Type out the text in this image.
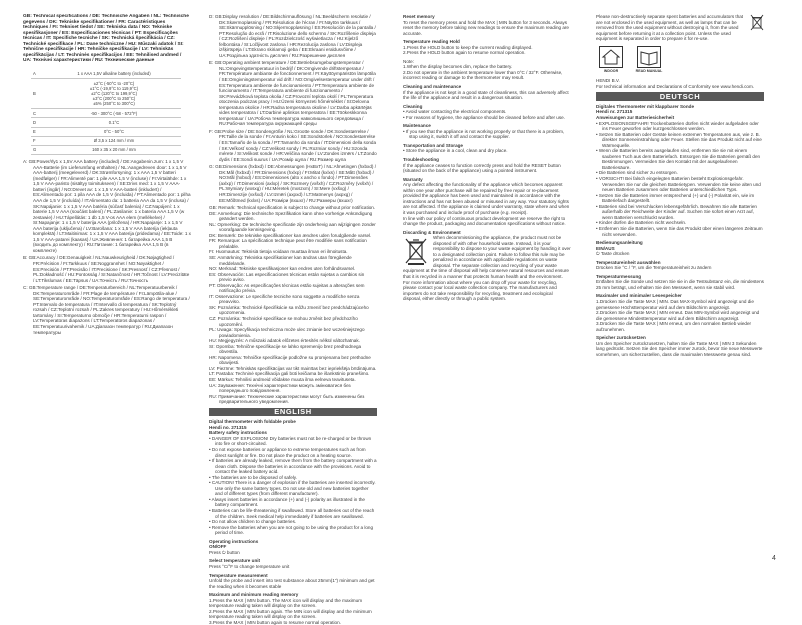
GB: Technical specifications / DE: Technische Angaben / NL: Technische gegevens / DK: Tekniske specifikationer / FR: Caractéristiques techniques / FI: Tekniset tiedot / SE: Tekniska data / NO: Tekniske spesifikasjoner / ES: Especificaciones técnicas / PT: Especificações técnicas / IT: Specifiche tecniche / SK: Technická špecifikácia / CZ: Technické specifikace / PL: Dane techniczne / HU: Műszaki adatok / SI: Tehnične specifikacije / HR: Tehničke specifikacije / LV: Tehniskās specifikācijas / LT: Techninės specifikacijos / EE: Tehnilised andmed / UA: Технічні характеристики / RU: Технические данные

A	1 x AAA 1,5V alkaline battery (included)
B	±2°C (-50°C to -20°C)
±1°C (-19,9°C to 119,9°C)
±2°C (120°C to 199,9°C)
±3°C (200°C to 250°C)
±5% (250°C to 300°C)
C	-50 - 300°C (-58 - 572°F)
D	0.1°C
E	0°C - 50°C
F	Ø 3,5 x 124 mm / mm
G	160 x 35 x 20 mm / mm

A: GB:Power/rly1 x 1,5V AAA battery (included) / DE:Angabenin.zum: 1 x 1,5 V AAA-Batterie (im Lieferumfang enthalten) / NL:Aangedreven door: 1 x 1,5 V AAA-batterij (meegeleverd) / DK:Strømforsyning: 1 x AAA 1,5 V batteri (medfølger) / FR:Alimenté par: 1 pile AAA 1,5 V (incluse) / FI:Virtalähde: 1 x 1,5 V AAA-paristo (sisältyy toimitukseen) / SE:Drivs med: 1 x 1,5 V AAA-batteri (ingår) / NO:Drevet av: 1 x 1,5 V AAA-batteri (inkludert) / ES:Alimentado por: 1 pila AAA de 1,5 V (incluida) / PT:Alimentado por: 1 pilha AAA de 1,5 V (incluída) / IT:Alimentato da: 1 batteria AAA da 1,5 V (inclusa) / SK:Napájanie: 1 x 1,5 V AAA batéria (súčasť balenia) / CZ:Napájení: 1 x baterie 1,5 V AAA (součást balení) / PL:Zasilanie: 1 x bateria AAA 1,5 V (w zestawie) / HU:Tápellátás: 1 db 1,5 V-os AAA elem (mellékelve) / SI:Napajanje: 1 x 1,5 V baterija AAA (priložena) / HR:Napajanje: 1 x 1,5 V AAA baterija (uključena) / LV:Barošana: 1 x 1,5 V AAA baterija (iekļauta komplektā) / LT:Maitinimas: 1 x 1,5 V AAA baterija (pridedama) / EE:Toide: 1 x 1,5 V AAA-patarei (kaasas) / UA:Живлення: 1 батарейка AAA 1,5 В (входить до комплекту) / RU:Питание: 1 батарейка AAA 1,5 В (в комплекте)

B: GB:Accuracy / DE:Genauigkeit / NL:Nauwkeurigheid / DK:Nøjagtighed / FR:Précision / FI:Tarkkuus / SE:Noggrannhet / NO:Nøyaktighet / ES:Precisión / PT:Precisão / IT:Precisione / SK:Presnosť / CZ:Přesnost / PL:Dokładność / HU:Pontosság / SI:Natančnost / HR:Točnost / LV:Precizitāte / LT:Tikslumas / EE:Täpsus / UA:Точність / RU:Точность

C: GB:Temperature range / DE:Temperaturbereich / NL:Temperatuurbereik / DK:Temperaturområde / FR:Plage de température / FI:Lämpötila-alue / SE:Temperaturområde / NO:Temperaturområde / ES:Rango de temperatura / PT:Intervalo de temperatura / IT:Intervallo di temperatura / SK:Teplotný rozsah / CZ:Teplotní rozsah / PL:Zakres temperatury / HU:Hőmérsékleti tartomány / SI:Temperaturno območje / HR:Temperaturni raspon / LV:Temperatūras diapazons / LT:Temperatūros diapazonas / EE:Temperatuurivahemik / UA:Діапазон температур / RU:Диапазон температуры

D: GB:Display resolution / DE:Bildschirmauflösung / NL:Beeldscherm resolutie / DK:Skærmopløsning / FR:Résolution de l'écran / FI:Näytön tarkkuus / SE:Skärmupplösning / NO:Skjermoppløsning / ES:Resolución de la pantalla / PT:Resolução do ecrã / IT:Risoluzione dello schermo / SK:Rozlíšenie displeja / CZ:Rozlišení displeje / PL:Rozdzielczość wyświetlacza / HU:Kijelző felbontása / SI:Ločljivost zaslona / HR:Rezolucija zaslona / LV:Displeja izšķirtspēja / LT:Ekrano skiriamoji geba / EE:Ekraani eraldusvõime / UA:Роздільна здатність дисплея / RU:Разрешение дисплея

E: GB:Operating ambient temperature / DE:Betriebsumgebungstemperatur / NL:Omgevingstemperatuur in bedrijf / DK:Omgivende driftstemperatur / FR:Température ambiante de fonctionnement / FI:Käyttöympäristön lämpötila / SE:Omgivningstemperatur vid drift / NO:Omgivelsestemperatur under drift / ES:Temperatura ambiente de funcionamiento / PT:Temperatura ambiente de funcionamento / IT:Temperatura ambiente di funzionamento / SK:Prevádzková teplota okolia / CZ:Provozní teplota okolí / PL:Temperatura otoczenia podczas pracy / HU:Üzemi környezeti hőmérséklet / SI:Delovna temperatura okolice / HR:Radna temperatura okoline / LV:Darba apkārtējās vides temperatūra / LT:Darbinė aplinkos temperatūra / EE:Töökeskkonna temperatuur / UA:Робоча температура навколишнього середовища / RU:Рабочая температура окружающей среды

F: GB:Probe size / DE:Sondengröße / NL:Grootte sonde / DK:Sondestørrelse / FR:Taille de la sonde / FI:Anturin koko / SE:Sondstorlek / NO:Sondestørrelse / ES:Tamaño de la sonda / PT:Tamanho da sonda / IT:Dimensioni della sonda / SK:Veľkosť sondy / CZ:Velikost sondy / PL:Rozmiar sondy / HU:Szonda mérete / SI:Velikost sonde / HR:Veličina sonde / LV:Zondes izmērs / LT:Zondo dydis / EE:Sondi suurus / UA:Розмір щупа / RU:Размер щупа

G: GB:Dimensions (hxbxd) / DE:Abmessungen (HxBxT) / NL:Afmetingen (hxbxd) / DK:Mål (hxbxd) / FR:Dimensions (hxlxp) / FI:Mitat (kxlxs) / SE:Mått (hxbxd) / NO:Mål (hxbxd) / ES:Dimensiones (alto x ancho x fondo) / PT:Dimensões (axlxp) / IT:Dimensioni (axlxp) / SK:Rozmery (vxšxh) / CZ:Rozměry (vxšxh) / PL:Wymiary (wxsxg) / HU:Méretek (mxszxm) / SI:Mere (vxšxg) / HR:Dimenzije (vxšxd) / LV:Izmēri (axpxd) / LT:Matmenys (axpxg) / EE:Mõõtmed (kxlxs) / UA:Розміри (вxшxг) / RU:Размеры (вxшxг)

GB: Remark: Technical specification is subject to change without prior notification.

DE: Anmerkung: Die technische Spezifikation kann ohne vorherige Ankündigung geändert werden.

NL: Opmerking: De technische specificatie zijn onderhevig aan wijzigingen zonder voorafgaande kennisgeving.

DK: Bemærk: De tekniske specifikationer kan ændres uden forudgående varsel.

FR: Remarque: La spécification technique peut être modifiée sans notification préalable.

FI: Huomautus: Teknisiä tietoja voidaan muuttaa ilman eri ilmoitusta.

SE: Anmärkning: Tekniska specifikationer kan ändras utan föregående meddelande.

NO: Merknad: Tekniske spesifikasjoner kan endres uten forhåndsvarsel.

ES: Observación: Las especificaciones técnicas están sujetas a cambios sin previo aviso.

PT: Observação: As especificações técnicas estão sujeitas a alterações sem notificação prévia.

IT: Osservazione: Le specifiche tecniche sono soggette a modifiche senza preavviso.

SK: Poznámka: Technické špecifikácie sa môžu zmeniť bez predchádzajúceho upozornenia.

CZ: Poznámka: Technické specifikace se mohou změnit bez předchozího upozornění.

PL: Uwaga: Specyfikacja techniczna może ulec zmianie bez wcześniejszego powiadomienia.

HU: Megjegyzés: A műszaki adatok előzetes értesítés nélkül változhatnak.

SI: Opomba: Tehnične specifikacije se lahko spremenijo brez predhodnega obvestila.

HR: Napomena: Tehničke specifikacije podložne su promjenama bez prethodne obavijesti.

LV: Piezīme: Tehniskās specifikācijas var tikt mainītas bez iepriekšēja brīdinājuma.

LT: Pastaba: Techninė specifikacija gali būti keičiama be išankstinio pranešimo.

EE: Märkus: Tehnilisi andmeid võidakse muuta ilma eelneva teavituseta.

UA: Зауваження: Технічні характеристики можуть змінюватися без попереднього повідомлення.

RU: Примечание: Технические характеристики могут быть изменены без предварительного уведомления.

ENGLISH

Digital thermometer with foldable probe

Hendi no. 271315

Battery safety instructions

• DANGER OF EXPLOSION! Dry batteries must not be re-charged or be thrown into fire or short-circuited.

• Do not expose batteries or appliance to extreme temperatures such as from direct sunlight or fire. Do not place the product on a heating source.

• If batteries are already leaked, remove them from the battery compartment with a clean cloth. Dispose the batteries in accordance with the provisions. Avoid to contact the leaked battery acid.

• The batteries are to be disposed of safely.

• CAUTION! There is a danger of explosion if the batteries are inserted incorrectly. Use only the same battery types. Do not use old and new batteries together and of different types (from different manufacturer).

• Always insert batteries in accordance (+) and (-) polarity as illustrated in the battery compartment.

• Batteries can be life-threatening if swallowed. Store all batteries out of the reach of the children. Seek medical help immediately if batteries are swallowed.

• Do not allow children to change batteries.

• Remove the batteries when you are not going to be using the product for a long period of time.

Operating instructions

ON/OFF

Press ⏻ button

Select temperature unit

Press °C/°F to change temperature unit

Temperature measurement

Unfold the probe and insert into test substance about 25mm(1") minimum and get the reading when it becomes stable

Maximum and minimum reading memory

1.Press the MAX | MIN button. The MAX icon will display and the maximum temperature reading taken will display on the screen.

2.Press the MAX | MIN button again. The MIN icon will display and the minimum temperature reading taken will display on the screen.

3.Press the MAX | MIN button again to resume normal operation.

Reset memory

To reset the memory press and hold the MAX | MIN button for 3 seconds. Always reset the memory before taking new readings to ensure the maximum reading are accurate.

Temperature reading Hold

1.Press the HOLD button to keep the current reading displayed.

2.Press the HOLD button again to resume normal operation.

Note:

1.When the display becomes dim, replace the battery.

2.Do not operate in the ambient temperature lower than 0°C / 32°F. Otherwise, incorrect reading or damage to the thermometer may result.

Cleaning and maintenance

If the appliance is not kept in a good state of cleanliness, this can adversely affect the life of the appliance and result in a dangerous situation.

Cleaning

• Avoid water contacting the electrical components.

• For reasons of hygiene, the appliance should be cleaned before and after use.

Maintenance

• If you see that the appliance is not working properly or that there is a problem, stop using it, switch it off and contact the supplier.

Transportation and Storage

• Store the appliance in a cool, clean and dry place.

Troubleshooting

If the appliance ceases to function correctly press and hold the RESET button (situated on the back of the appliance) using a pointed instrument.

Warranty

Any defect affecting the functionality of the appliance which becomes apparent within one year after purchase will be repaired by free repair or re-placement provided the appliance has been used and maintained in accordance with the instructions and has not been abused or misused in any way. Your statutory rights are not affected. If the appliance is claimed under warranty, state where and when it was purchased and include proof of purchase (e.g. receipt).

In line with our policy of continuous product development we reserve the right to change the product, packaging and documentation specifications without notice.

Discarding & Environment

When decommissioning the appliance, the product must not be disposed of with other household waste. Instead, it is your responsibility to dispose to your waste equipment by handing it over to a designated collection point. Failure to follow this rule may be penalized in accordance with applicable regulations on waste disposal. The separate collection and recycling of your waste equipment at the time of disposal will help conserve natural resources and ensure that it is recycled in a manner that protects human health and the environment.

For more information about where you can drop off your waste for recycling, please contact your local waste collection company. The manufacturers and importers do not take responsibility for recycling, treatment and ecological disposal, either directly or through a public system.

Please non-destructively separate spent batteries and accumulators that are not enclosed in the used equipment, as well as lamps that can be removed from the used equipment without destroying it, from the used equipment before returning it at a collection point. Unless the used equipment is separated in order to prepare it for re-use.

INDOOR	READ MANUAL

HENDI B.V.

For technical information and Declarations of Conformity see www.hendi.com.

DEUTSCH

Digitales Thermometer mit klappbarer Sonde

Hendi nr. 271315

Anweisungen zur Batteriesicherheit

• EXPLOSIONSGEFAHR! Trockenbatterien dürfen nicht wieder aufgeladen oder ins Feuer geworfen oder kurzgeschlossen werden.

• Setzen Sie Batterien oder Geräte keinen extremen Temperaturen aus, wie z. B. direkter Sonneneinstrahlung oder Feuer. Stellen Sie das Produkt nicht auf eine Wärmequelle.

• Wenn die Batterien bereits ausgelaufen sind, entfernen Sie sie mit einem sauberen Tuch aus dem Batteriefach. Entsorgen Sie die Batterien gemäß den Bestimmungen. Vermeiden Sie den Kontakt mit der ausgelaufenen Batteriesäure.

• Die Batterien sind sicher zu entsorgen.

• VORSICHT! Bei falsch eingelegten Batterien besteht Explosionsgefahr. Verwenden Sie nur die gleichen Batterietypen. Verwenden Sie keine alten und neuen Batterien zusammen oder Batterien unterschiedlichen Typs.

• Setzen Sie die Batterien immer entsprechend (+) und (-) Polarität ein, wie im Batteriefach dargestellt.

• Batterien sind bei Verschlucken lebensgefährlich. Bewahren Sie alle Batterien außerhalb der Reichweite der Kinder auf. Suchen Sie sofort einen Arzt auf, wenn Batterien verschluckt wurden.

• Kinder dürfen die Batterien nicht wechseln.

• Entfernen Sie die Batterien, wenn Sie das Produkt über einen längeren Zeitraum nicht verwenden.

Bedienungsanleitung

EIN/AUS

⏻ Taste drücken

Temperatureinheit auswählen

Drücken Sie °C / °F, um die Temperatureinheit zu ändern

Temperaturmessung

Entfalten Sie die Sonde und setzen Sie sie in die Testsubstanz ein, die mindestens 25 mm beträgt, und erhalten Sie den Messwert, wenn sie stabil wird.

Maximaler und minimaler Lesespeicher

1.Drücken Sie die Taste MAX | MIN. Das MAX-Symbol wird angezeigt und die gemessene Höchsttemperatur wird auf dem Bildschirm angezeigt.

2.Drücken Sie die Taste MAX | MIN erneut. Das MIN-Symbol wird angezeigt und die gemessene Mindesttemperatur wird auf dem Bildschirm angezeigt.

3.Drücken Sie die Taste MAX | MIN erneut, um den normalen Betrieb wieder aufzunehmen.

Speicher zurücksetzen

Um den Speicher zurückzusetzen, halten Sie die Taste MAX | MIN 3 Sekunden lang gedrückt. Setzen Sie den Speicher immer zurück, bevor Sie neue Messwerte vornehmen, um sicherzustellen, dass die maximalen Messwerte genau sind.

4
